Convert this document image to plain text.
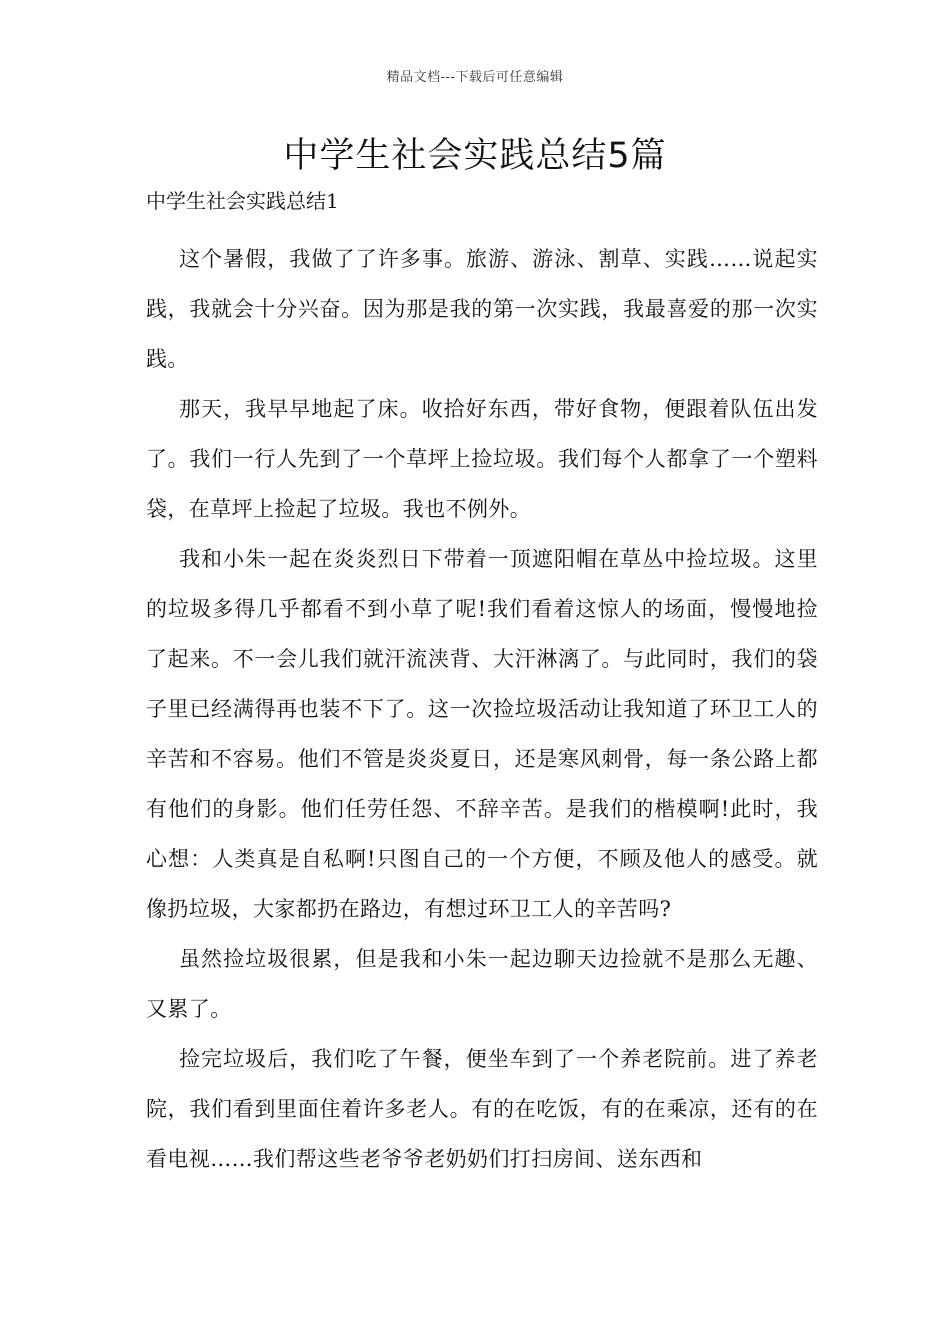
精品文档---下载后可任意编辑
中学生社会实践总结5篇

中学生社会实践总结1

这个暑假，我做了了许多事。旅游、游泳、割草、实践……说起实践，我就会十分兴奋。因为那是我的第一次实践，我最喜爱的那一次实践。

那天，我早早地起了床。收拾好东西，带好食物，便跟着队伍出发了。我们一行人先到了一个草坪上捡垃圾。我们每个人都拿了一个塑料袋，在草坪上捡起了垃圾。我也不例外。

我和小朱一起在炎炎烈日下带着一顶遮阳帽在草丛中捡垃圾。这里的垃圾多得几乎都看不到小草了呢!我们看着这惊人的场面，慢慢地捡了起来。不一会儿我们就汗流浃背、大汗淋漓了。与此同时，我们的袋子里已经满得再也装不下了。这一次捡垃圾活动让我知道了环卫工人的辛苦和不容易。他们不管是炎炎夏日，还是寒风刺骨，每一条公路上都有他们的身影。他们任劳任怨、不辞辛苦。是我们的楷模啊!此时，我心想：人类真是自私啊!只图自己的一个方便，不顾及他人的感受。就像扔垃圾，大家都扔在路边，有想过环卫工人的辛苦吗?

虽然捡垃圾很累，但是我和小朱一起边聊天边捡就不是那么无趣、又累了。

捡完垃圾后，我们吃了午餐，便坐车到了一个养老院前。进了养老院，我们看到里面住着许多老人。有的在吃饭，有的在乘凉，还有的在看电视……我们帮这些老爷爷老奶奶们打扫房间、送东西和
